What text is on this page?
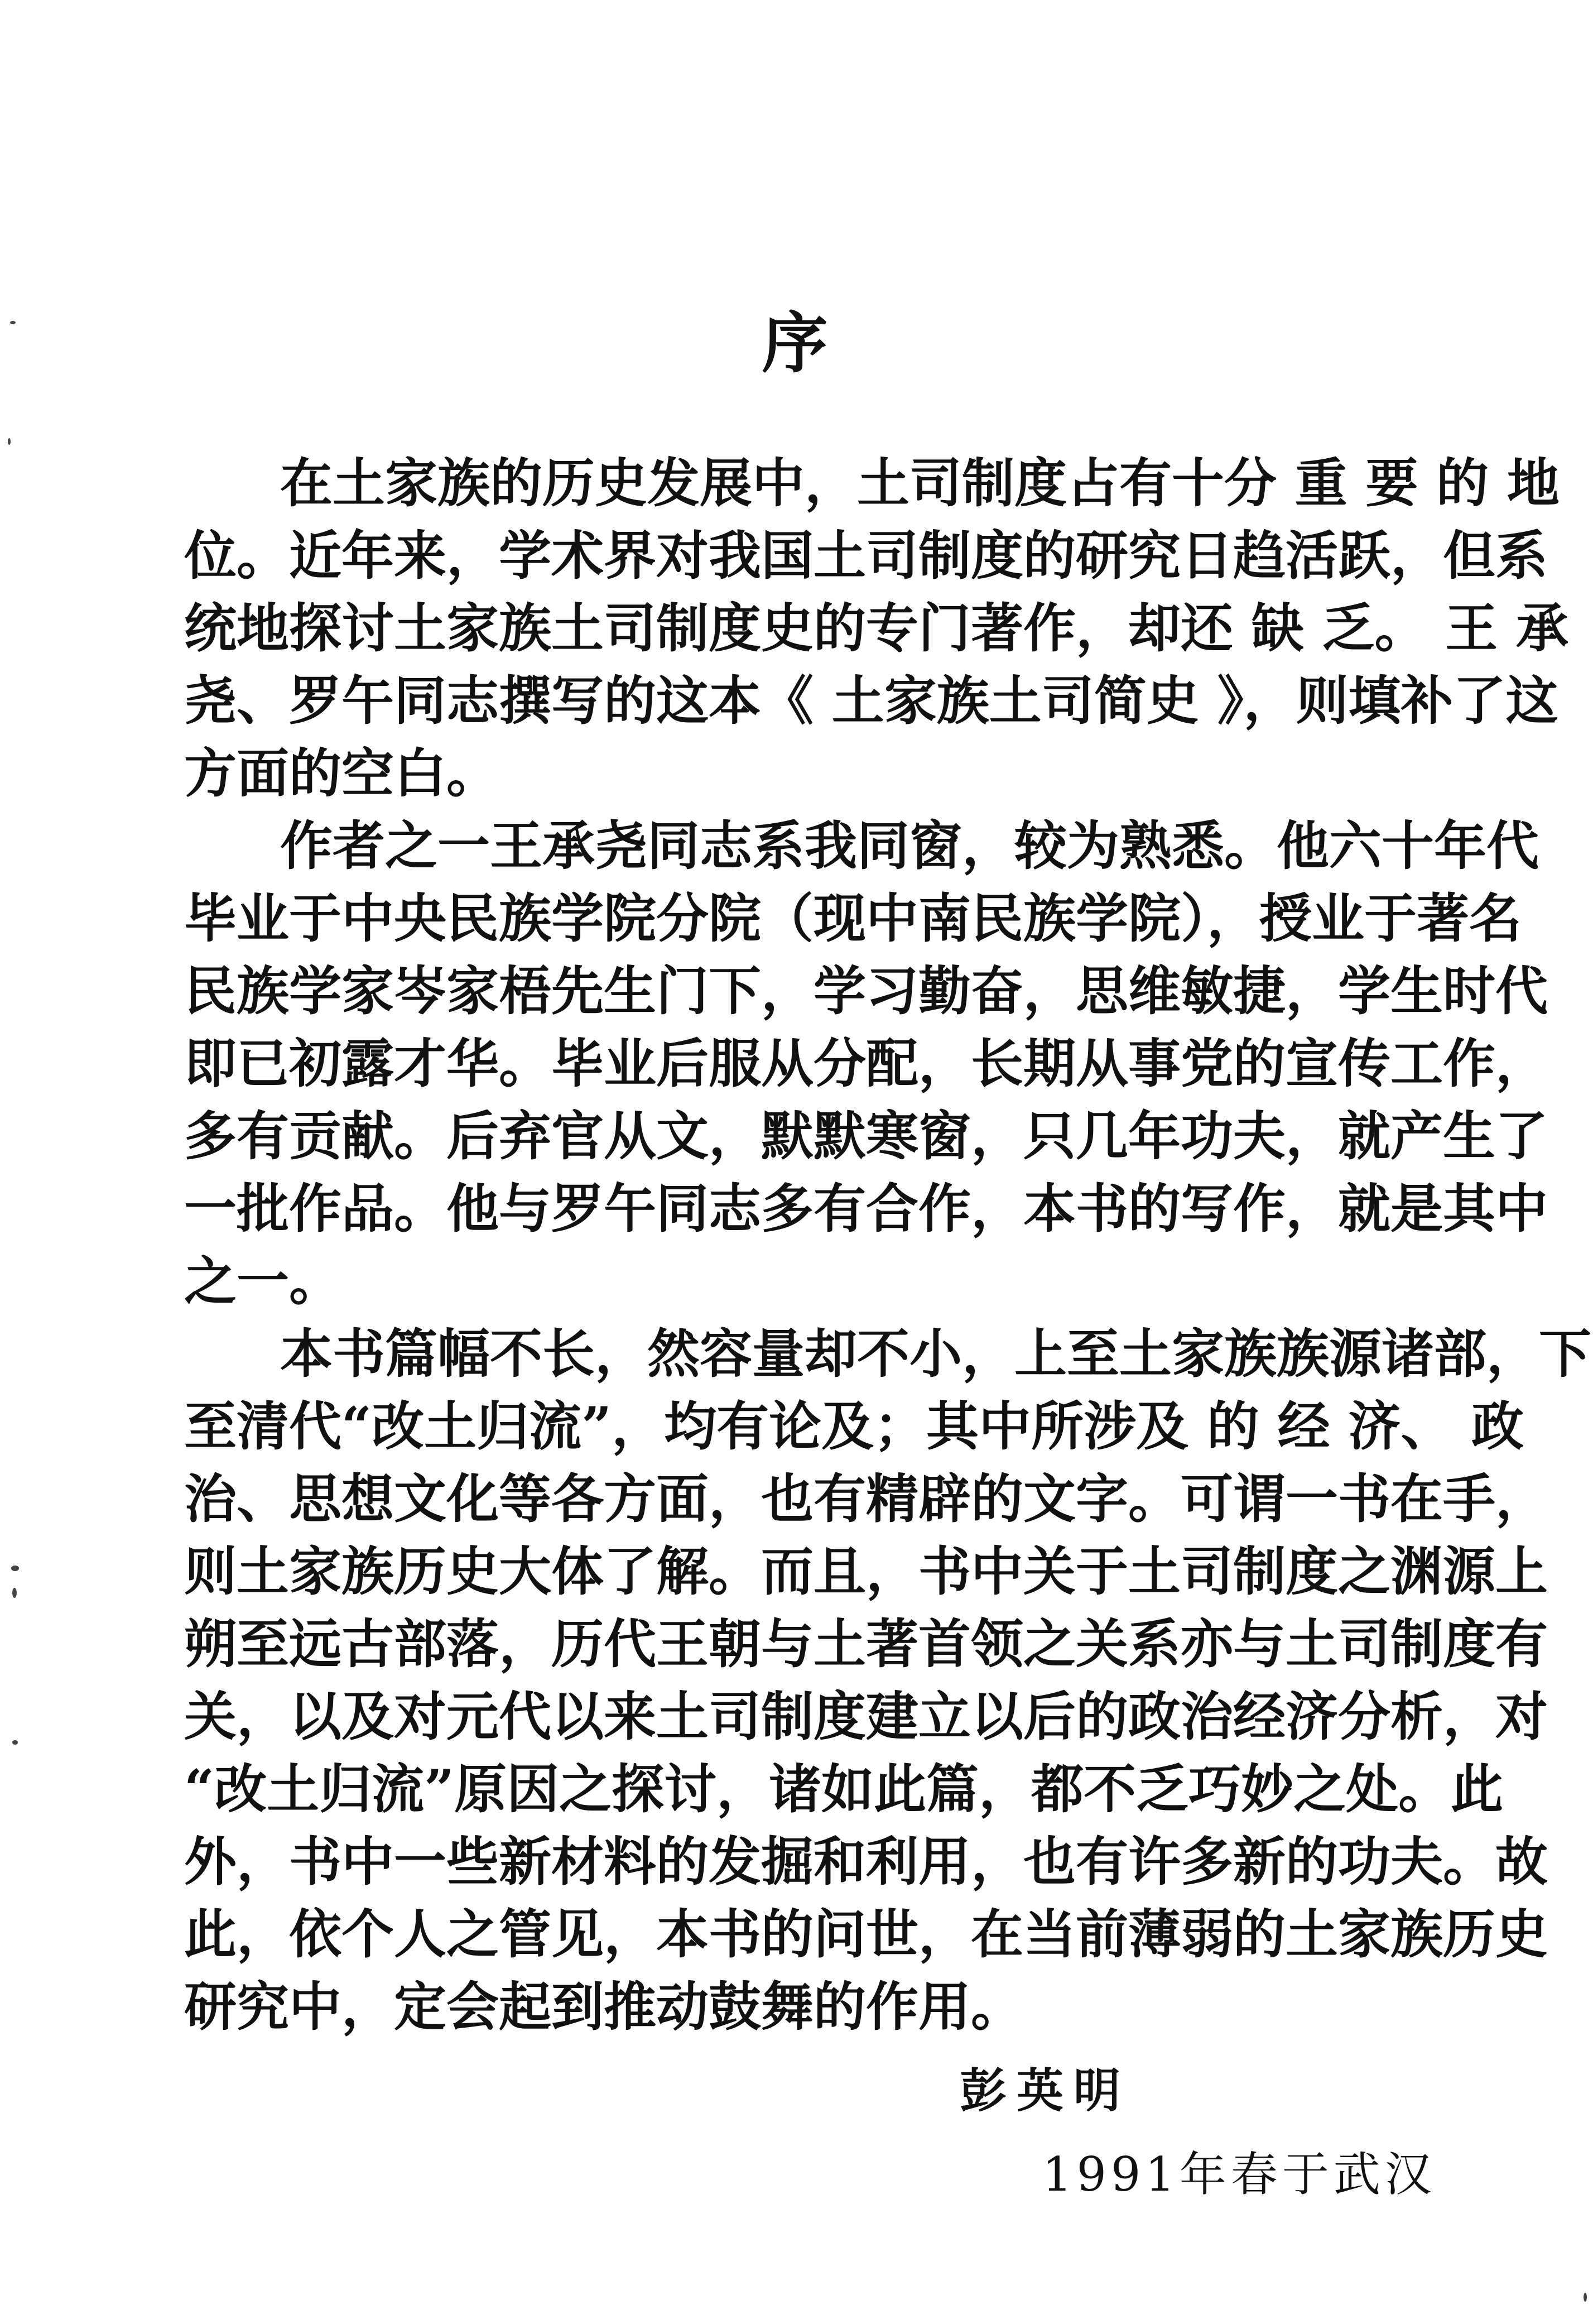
序
在土家族的历史发展中，土司制度占有十分 重 要 的 地
位。近年来，学术界对我国土司制度的研究日趋活跃，但系
统地探讨土家族土司制度史的专门著作，却还 缺 乏。 王 承
尧、罗午同志撰写的这本《 土家族土司简史 》，则填补了这
方面的空白。
作者之一王承尧同志系我同窗，较为熟悉。他六十年代
毕业于中央民族学院分院（现中南民族学院），授业于著名
民族学家岑家梧先生门下，学习勤奋，思维敏捷，学生时代
即已初露才华。毕业后服从分配，长期从事党的宣传工作，
多有贡献。后弃官从文，默默寒窗，只几年功夫，就产生了
一批作品。他与罗午同志多有合作，本书的写作，就是其中
之一。
本书篇幅不长，然容量却不小，上至土家族族源诸部，下
至清代“改土归流”，均有论及；其中所涉及 的 经 济、 政
治、思想文化等各方面，也有精辟的文字。可谓一书在手，
则土家族历史大体了解。而且，书中关于土司制度之渊源上
朔至远古部落，历代王朝与土著首领之关系亦与土司制度有
关，以及对元代以来土司制度建立以后的政治经济分析，对
“改土归流”原因之探讨，诸如此篇，都不乏巧妙之处。此
外，书中一些新材料的发掘和利用，也有许多新的功夫。故
此，依个人之管见，本书的问世，在当前薄弱的土家族历史
研究中，定会起到推动鼓舞的作用。
彭英明
1991年春于武汉
